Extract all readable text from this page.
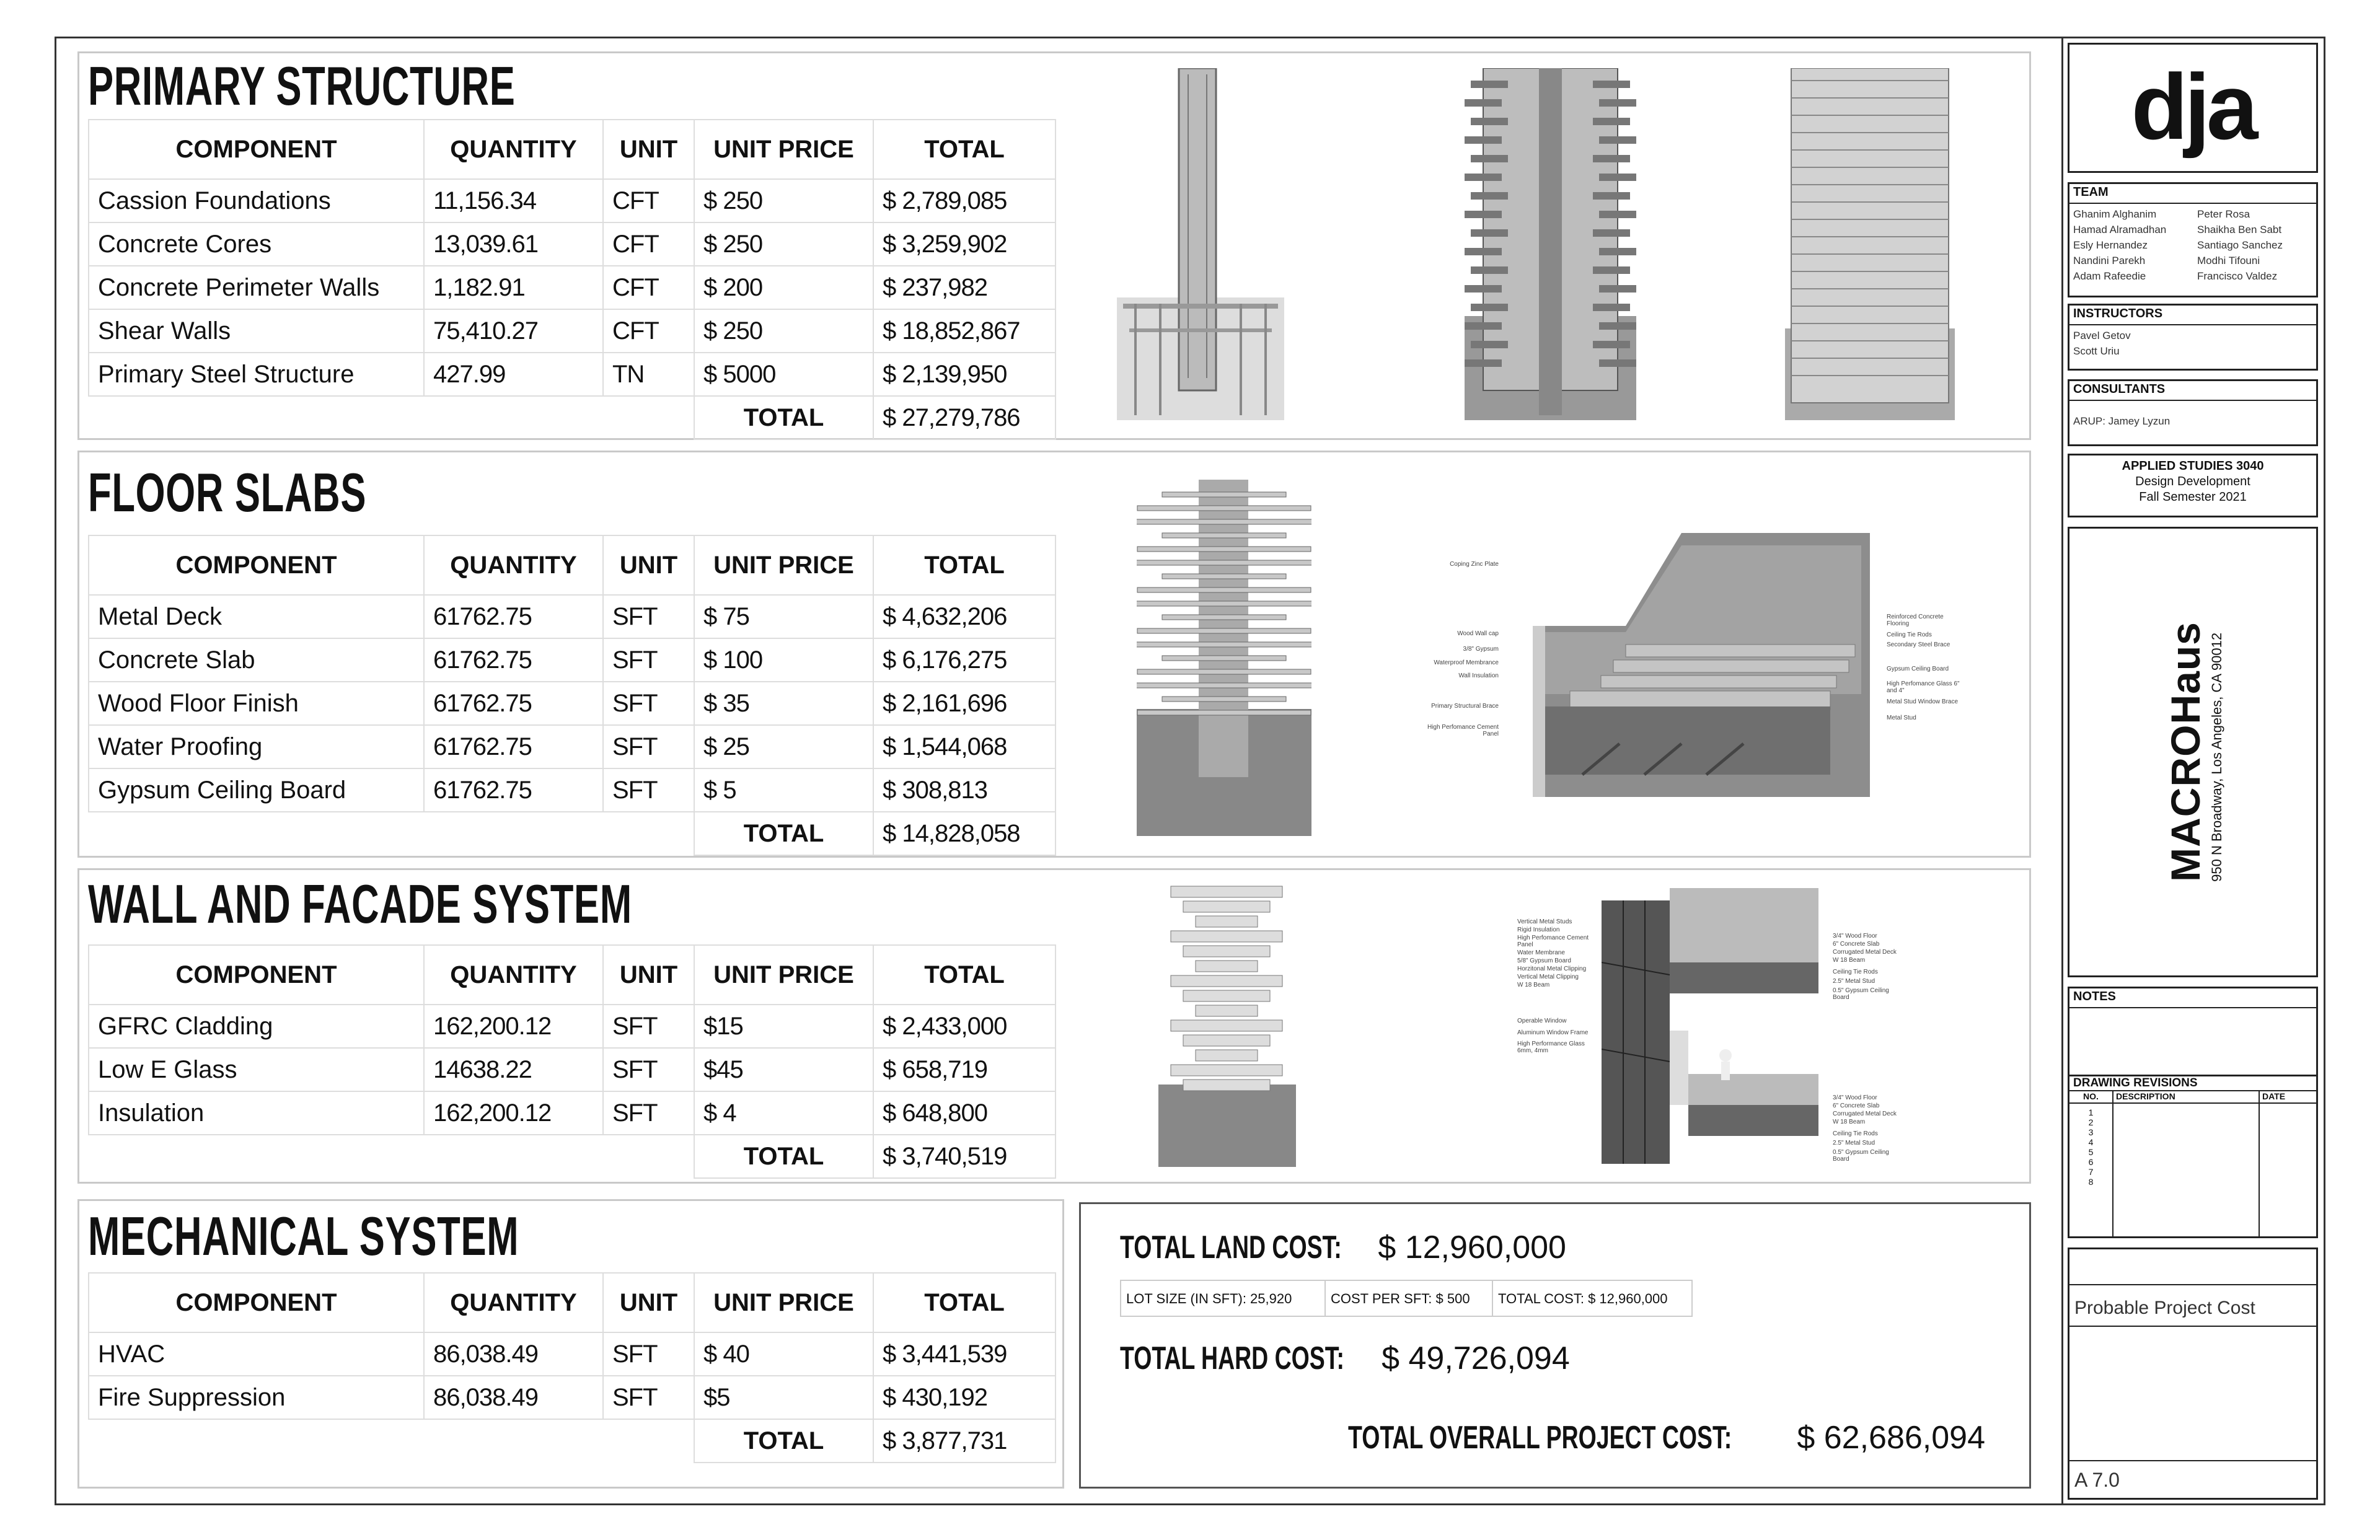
PRIMARY STRUCTURE
COMPONENT	QUANTITY	UNIT	UNIT PRICE	TOTAL
Cassion Foundations	11,156.34	CFT	$ 250	$ 2,789,085
Concrete Cores	13,039.61	CFT	$ 250	$ 3,259,902
Concrete Perimeter Walls	1,182.91	CFT	$ 200	$ 237,982
Shear Walls	75,410.27	CFT	$ 250	$ 18,852,867
Primary Steel Structure	427.99	TN	$ 5000	$ 2,139,950
			TOTAL	$ 27,279,786
FLOOR SLABS
COMPONENT	QUANTITY	UNIT	UNIT PRICE	TOTAL
Metal Deck	61762.75	SFT	$ 75	$ 4,632,206
Concrete Slab	61762.75	SFT	$ 100	$ 6,176,275
Wood Floor Finish	61762.75	SFT	$ 35	$ 2,161,696
Water Proofing	61762.75	SFT	$ 25	$ 1,544,068
Gypsum Ceiling Board	61762.75	SFT	$ 5	$ 308,813
			TOTAL	$ 14,828,058
WALL AND FACADE SYSTEM
COMPONENT	QUANTITY	UNIT	UNIT PRICE	TOTAL
GFRC Cladding	162,200.12	SFT	$15	$ 2,433,000
Low E Glass	14638.22	SFT	$45	$ 658,719
Insulation	162,200.12	SFT	$ 4	$ 648,800
			TOTAL	$ 3,740,519
MECHANICAL SYSTEM
COMPONENT	QUANTITY	UNIT	UNIT PRICE	TOTAL
HVAC	86,038.49	SFT	$ 40	$ 3,441,539
Fire Suppression	86,038.49	SFT	$5	$ 430,192
			TOTAL	$ 3,877,731
Coping Zinc Plate
Wood Wall cap
3/8" Gypsum
Waterproof Membrance
Wall Insulation
Primary Structural Brace
High Perfomance Cement Panel
Reinforced Concrete Flooring
Ceiling Tie Rods
Secondary Steel Brace
Gypsum Ceiling Board
High Perfomance Glass 6" and 4"
Metal Stud Window Brace
Metal Stud
Vertical Metal Studs
Rigid Insulation
High Perfomance Cement Panel
Water Membrane
5/8" Gypsum Board
Horzitonal Metal Clipping
Vertical Metal Clipping
W 18 Beam
Operable Window
Aluminum Window Frame
High Performance Glass 6mm, 4mm
3/4" Wood Floor
6" Concrete Slab
Corrugated Metal Deck
W 18 Beam
Ceiling Tie Rods
2.5" Metal Stud
0.5" Gypsum Ceiling Board
3/4" Wood Floor
6" Concrete Slab
Corrugated Metal Deck
W 18 Beam
Ceiling Tie Rods
2.5" Metal Stud
0.5" Gypsum Ceiling Board
TOTAL LAND COST: $ 12,960,000
LOT SIZE (IN SFT): 25,920	COST PER SFT: $ 500	TOTAL COST: $ 12,960,000
TOTAL HARD COST: $ 49,726,094
TOTAL OVERALL PROJECT COST: $ 62,686,094
dja
TEAM
Ghanim Alghanim
Hamad Alramadhan
Esly Hernandez
Nandini Parekh
Adam Rafeedie
Peter Rosa
Shaikha Ben Sabt
Santiago Sanchez
Modhi Tifouni
Francisco Valdez
INSTRUCTORS
Pavel Getov
Scott Uriu
CONSULTANTS
ARUP: Jamey Lyzun
APPLIED STUDIES 3040
Design Development
Fall Semester 2021
MACROHaus 950 N Broadway, Los Angeles, CA 90012
NOTES
DRAWING REVISIONS
NO.
1
2
3
4
5
6
7
8
DESCRIPTION	DATE
Probable Project Cost
A 7.0
